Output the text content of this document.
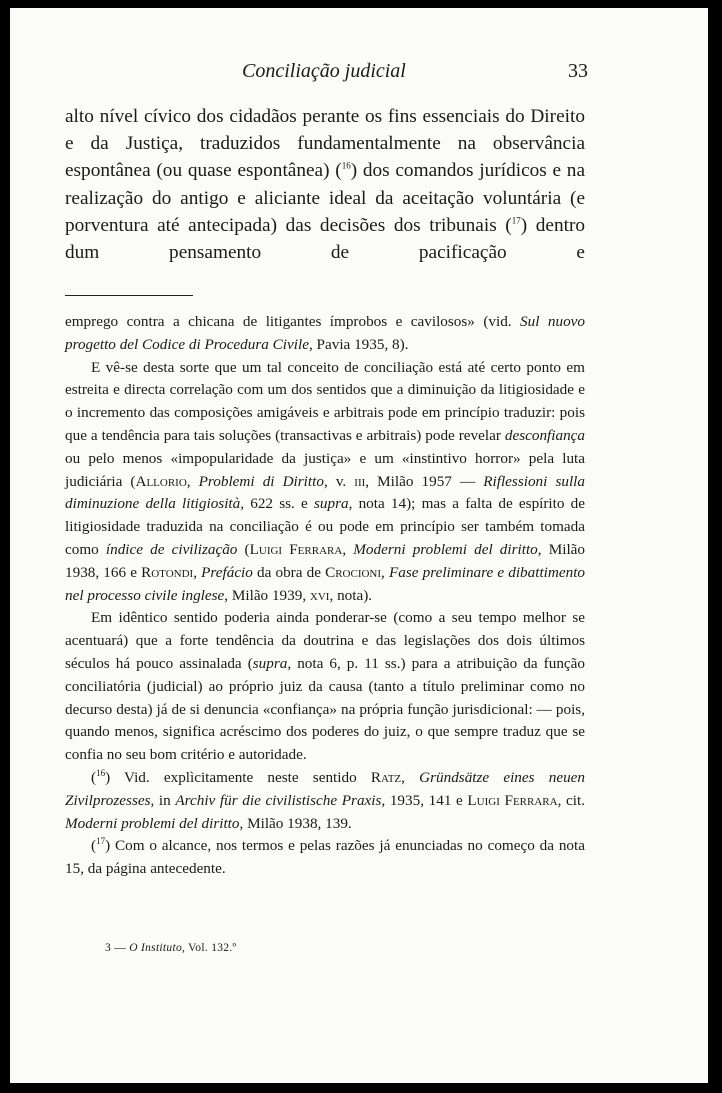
Conciliação judicial	33

alto nível cívico dos cidadãos perante os fins essenciais do Direito e da Justiça, traduzidos fundamentalmente na observância espontânea (ou quase espontânea) ($^{16}$) dos comandos jurídicos e na realização do antigo e aliciante ideal da aceitação voluntária (e porventura até antecipada) das decisões dos tribunais ($^{17}$) dentro dum pensamento de pacificação e

emprego contra a chicana de litigantes ímprobos e cavilosos» (vid. Sul nuovo progetto del Codice di Procedura Civile, Pavia 1935, 8).

E vê-se desta sorte que um tal conceito de conciliação está até certo ponto em estreita e directa correlação com um dos sentidos que a diminuição da litigiosidade e o incremento das composições amigáveis e arbitrais pode em princípio traduzir: pois que a tendência para tais soluções (transactivas e arbitrais) pode revelar desconfiança ou pelo menos «impopularidade da justiça» e um «instintivo horror» pela luta judiciária (Allorio, Problemi di Diritto, v. iii, Milão 1957 — Riflessioni sulla diminuzione della litigiosità, 622 ss. e supra, nota 14); mas a falta de espírito de litigiosidade traduzida na conciliação é ou pode em princípio ser também tomada como índice de civilização (Luigi Ferrara, Moderni problemi del diritto, Milão 1938, 166 e Rotondi, Prefácio da obra de Crocioni, Fase preliminare e dibattimento nel processo civile inglese, Milão 1939, xvi, nota).

Em idêntico sentido poderia ainda ponderar-se (como a seu tempo melhor se acentuará) que a forte tendência da doutrina e das legislações dos dois últimos séculos há pouco assinalada (supra, nota 6, p. 11 ss.) para a atribuição da função conciliatória (judicial) ao próprio juiz da causa (tanto a título preliminar como no decurso desta) já de si denuncia «confiança» na própria função jurisdicional: — pois, quando menos, significa acréscimo dos poderes do juiz, o que sempre traduz que se confia no seu bom critério e autoridade.

($^{16}$) Vid. explìcitamente neste sentido Ratz, Gründsätze eines neuen Zivilprozesses, in Archiv für die civilistische Praxis, 1935, 141 e Luigi Ferrara, cit. Moderni problemi del diritto, Milão 1938, 139.

($^{17}$) Com o alcance, nos termos e pelas razões já enunciadas no começo da nota 15, da página antecedente.

3 — O Instituto, Vol. 132.º
